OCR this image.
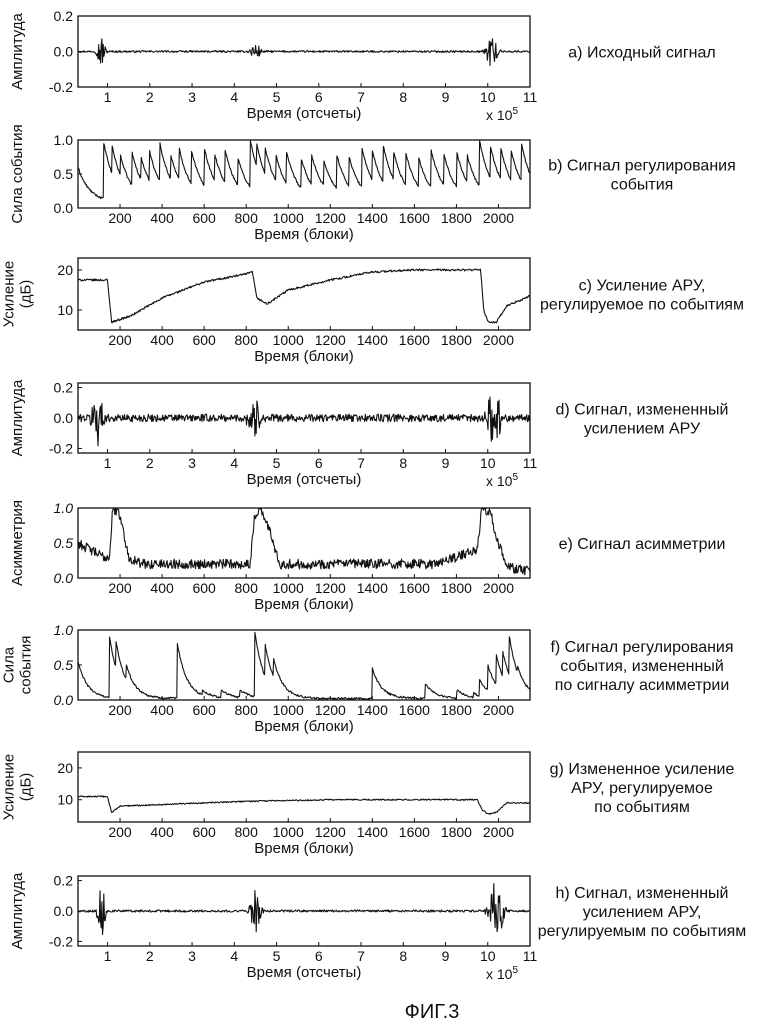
1 2 3 4 5 6 7 8 9 10 11
-0.2
0.0
0.2
Время (отсчеты)	x $10^5$
Амплитуда	а) Исходный сигнал
200 400 600 800 1000 1200 1400 1600 1800 2000
0.0
0.5
1.0
Время (блоки)
Сила события	b) Сигнал регулирования
события
200 400 600 800 1000 1200 1400 1600 1800 2000
10
20
Время (блоки)
Усиление (дБ)	c) Усиление АРУ,
регулируемое по событиям
1 2 3 4 5 6 7 8 9 10 11
-0.2
0.0
0.2
Время (отсчеты)	x $10^5$
Амплитуда	d) Сигнал, измененный
усилением АРУ
200 400 600 800 1000 1200 1400 1600 1800 2000
0.0
0.5
1.0
Время (блоки)
Асимметрия	e) Сигнал асимметрии
200 400 600 800 1000 1200 1400 1600 1800 2000
0.0
0.5
1.0
Время (блоки)
Сила события	f) Сигнал регулирования
события, измененный
по сигналу асимметрии
200 400 600 800 1000 1200 1400 1600 1800 2000
10
20
Время (блоки)
Усиление (дБ)
g) Измененное усиление
АРУ, регулируемое
по событиям
1 2 3 4 5 6 7 8 9 10 11
-0.2
0.0
0.2
Время (отсчеты)	x $10^5$
Амплитуда	h) Сигнал, измененный
усилением АРУ,
регулируемым по событиям
ФИГ.3
